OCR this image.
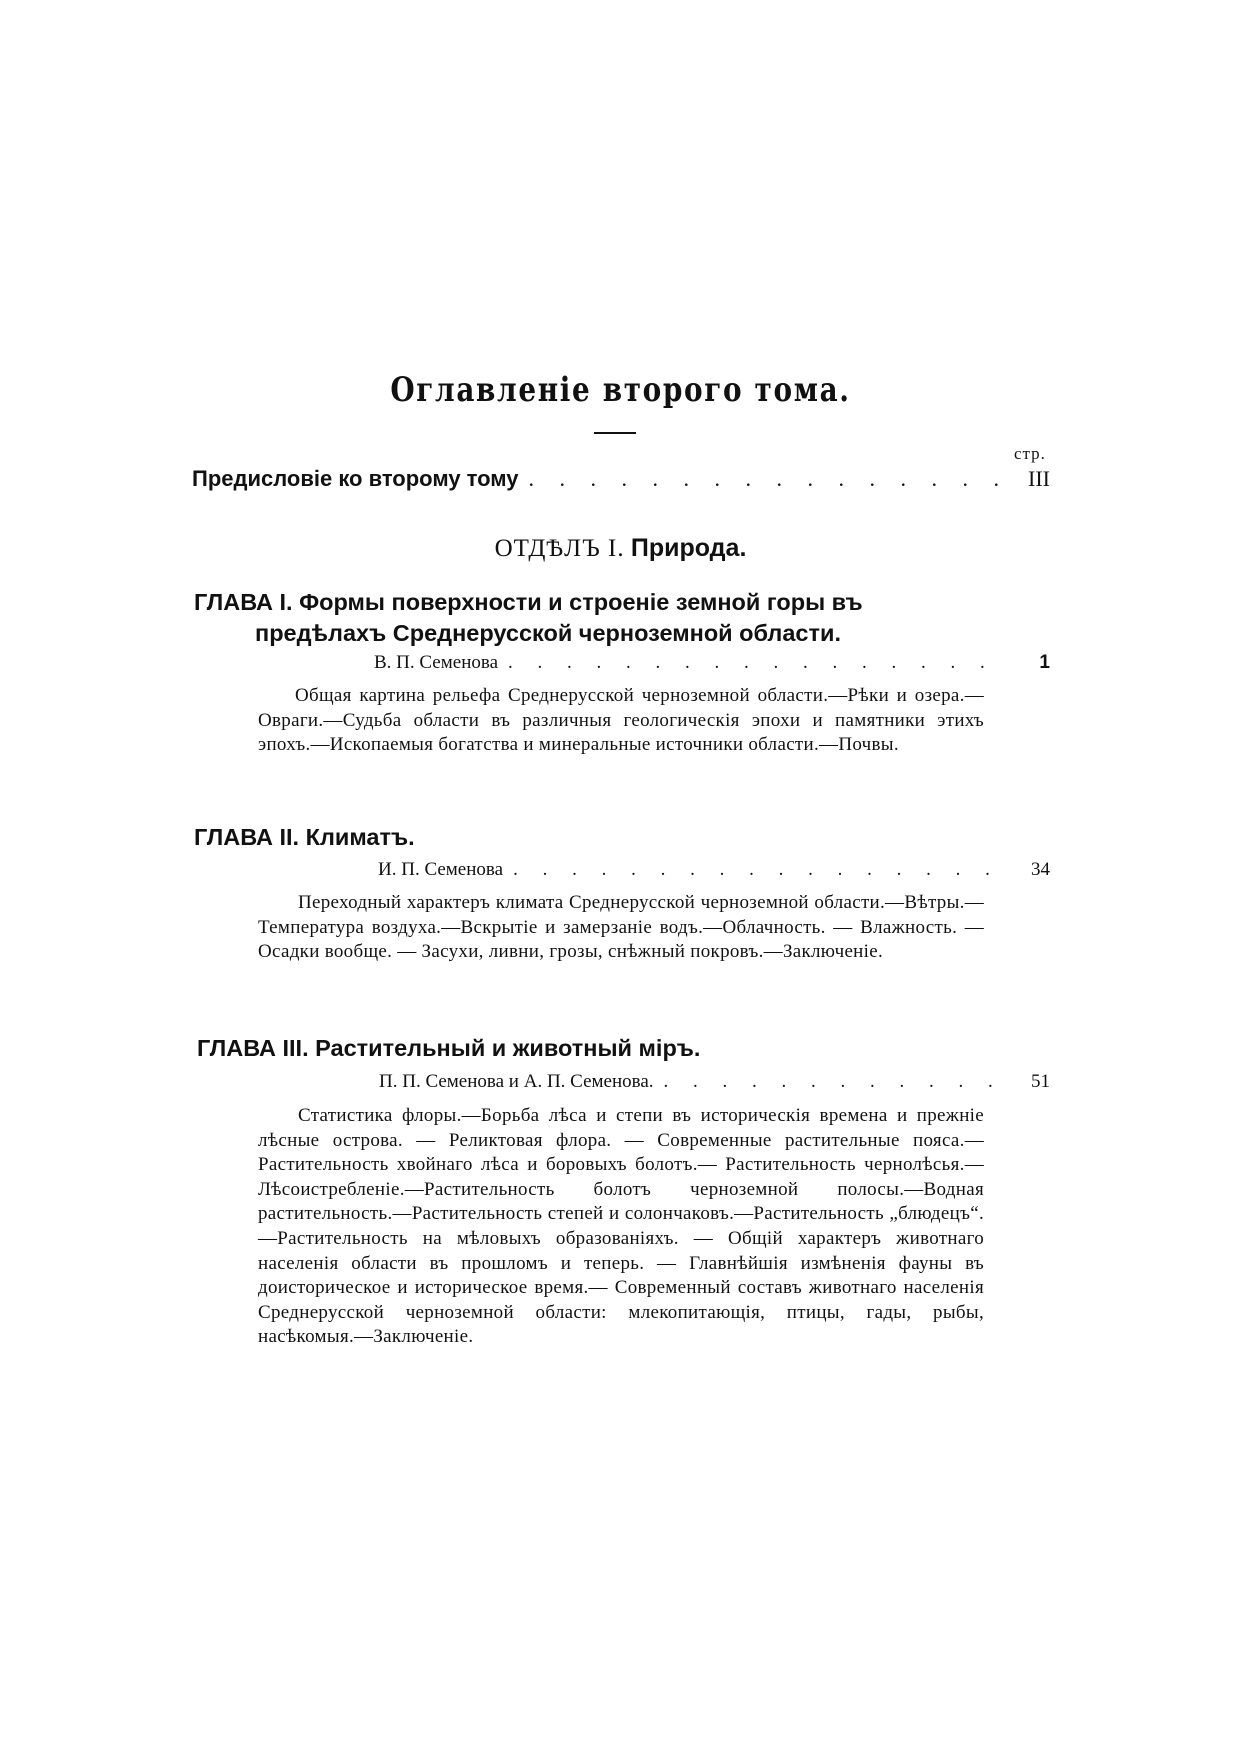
Оглавленіе второго тома.
стр.
Предисловіе ко второму тому . . .	III
ОТДѢЛЪ I. Природа.
ГЛАВА I. Формы поверхности и строеніе земной горы въ
предѣлахъ Среднерусской черноземной области.
В. П. Семенова . . .	1
Общая картина рельефа Среднерусской черноземной области.—Рѣки и озера.—Овраги.—Судьба области въ различныя геологическія эпохи и памятники этихъ эпохъ.—Ископаемыя богатства и минеральные источники области.—Почвы.
ГЛАВА II. Климатъ.
И. П. Семенова . . .	34
Переходный характеръ климата Среднерусской черноземной области.—Вѣтры.—Температура воздуха.—Вскрытіе и замерзаніе водъ.—Облачность. — Влажность. — Осадки вообще. — Засухи, ливни, грозы, снѣжный покровъ.—Заключеніе.
ГЛАВА III. Растительный и животный міръ.
П. П. Семенова и А. П. Семенова. . . .	51
Статистика флоры.—Борьба лѣса и степи въ историческія времена и прежніе лѣсные острова. — Реликтовая флора. — Современные растительные пояса.— Растительность хвойнаго лѣса и боровыхъ болотъ.— Растительность чернолѣсья.—Лѣсоистребленіе.—Растительность болотъ черноземной полосы.—Водная растительность.—Растительность степей и солончаковъ.—Растительность „блюдецъ“.—Растительность на мѣловыхъ образованіяхъ. — Общій характеръ животнаго населенія области въ прошломъ и теперь. — Главнѣйшія измѣненія фауны въ доисторическое и историческое время.— Современный составъ животнаго населенія Среднерусской черноземной области: млекопитающія, птицы, гады, рыбы, насѣкомыя.—Заключеніе.
